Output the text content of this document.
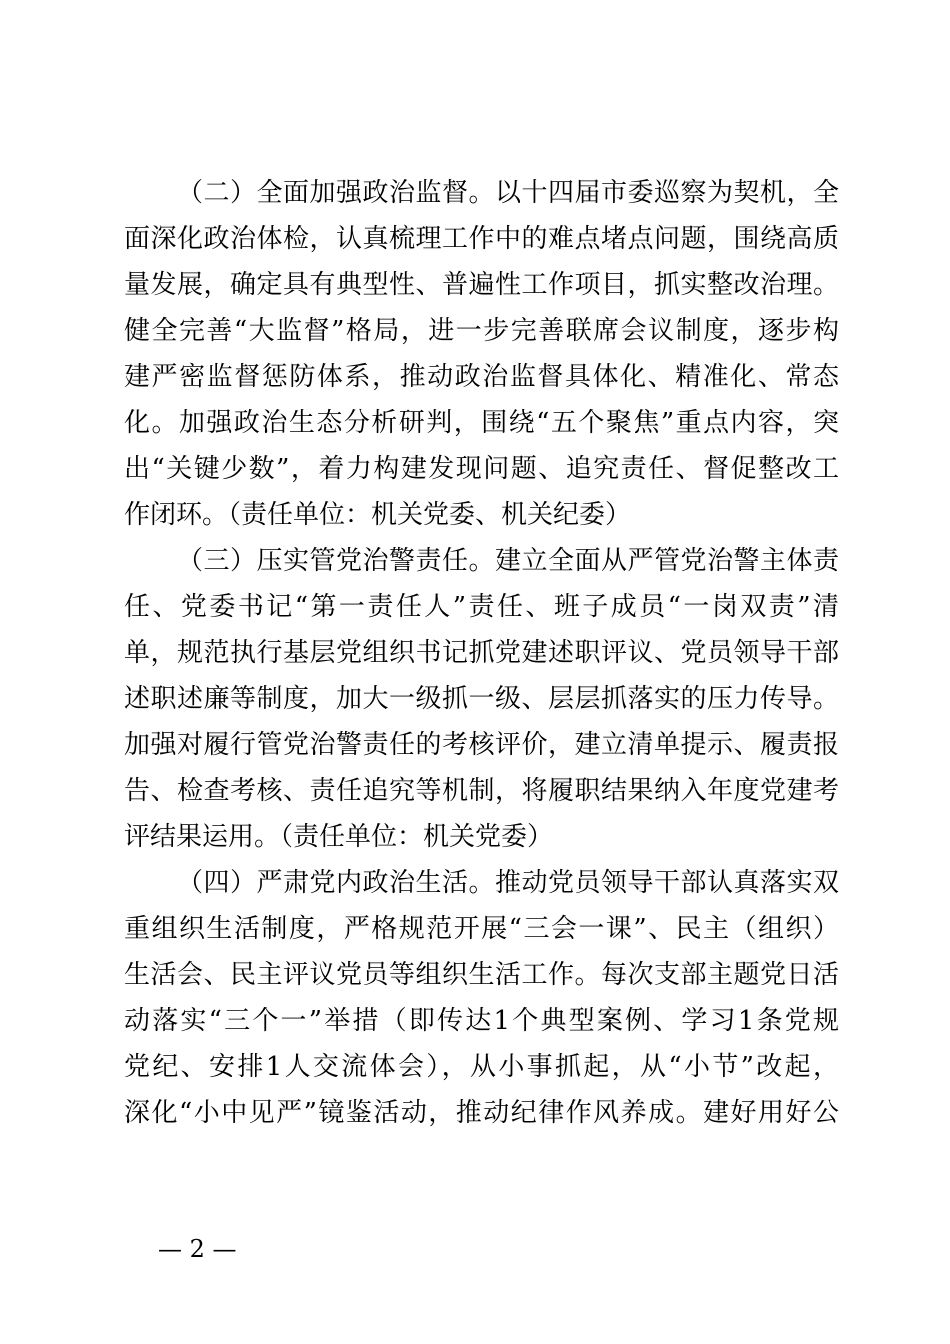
（二）全面加强政治监督。以十四届市委巡察为契机，全
面深化政治体检，认真梳理工作中的难点堵点问题，围绕高质
量发展，确定具有典型性、普遍性工作项目，抓实整改治理。
健全完善“大监督”格局，进一步完善联席会议制度，逐步构
建严密监督惩防体系，推动政治监督具体化、精准化、常态
化。加强政治生态分析研判，围绕“五个聚焦”重点内容，突
出“关键少数”，着力构建发现问题、追究责任、督促整改工
作闭环。（责任单位：机关党委、机关纪委）
（三）压实管党治警责任。建立全面从严管党治警主体责
任、党委书记“第一责任人”责任、班子成员“一岗双责”清
单，规范执行基层党组织书记抓党建述职评议、党员领导干部
述职述廉等制度，加大一级抓一级、层层抓落实的压力传导。
加强对履行管党治警责任的考核评价，建立清单提示、履责报
告、检查考核、责任追究等机制，将履职结果纳入年度党建考
评结果运用。（责任单位：机关党委）
（四）严肃党内政治生活。推动党员领导干部认真落实双
重组织生活制度，严格规范开展“三会一课”、民主（组织）
生活会、民主评议党员等组织生活工作。每次支部主题党日活
动落实“三个一”举措（即传达1个典型案例、学习1条党规
党纪、安排1人交流体会），从小事抓起，从“小节”改起，
深化“小中见严”镜鉴活动，推动纪律作风养成。建好用好公
— 2 —
